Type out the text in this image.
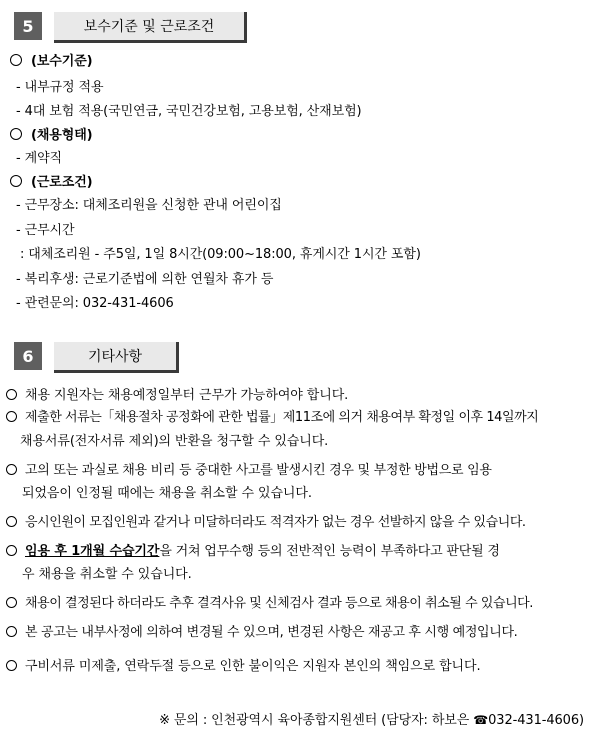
5	보수기준 및 근로조건
(보수기준)
- 내부규정 적용
- 4대 보험 적용(국민연금, 국민건강보험, 고용보험, 산재보험)
(채용형태)
- 계약직
(근로조건)
- 근무장소: 대체조리원을 신청한 관내 어린이집
- 근무시간
: 대체조리원 - 주5일, 1일 8시간(09:00~18:00, 휴게시간 1시간 포함)
- 복리후생: 근로기준법에 의한 연월차 휴가 등
- 관련문의: 032-431-4606
6	기타사항
채용 지원자는 채용예정일부터 근무가 가능하여야 합니다.
제출한 서류는「채용절차 공정화에 관한 법률」제11조에 의거 채용여부 확정일 이후 14일까지
채용서류(전자서류 제외)의 반환을 청구할 수 있습니다.
고의 또는 과실로 채용 비리 등 중대한 사고를 발생시킨 경우 및 부정한 방법으로 임용
되었음이 인정될 때에는 채용을 취소할 수 있습니다.
응시인원이 모집인원과 같거나 미달하더라도 적격자가 없는 경우 선발하지 않을 수 있습니다.
임용 후 1개월 수습기간을 거쳐 업무수행 등의 전반적인 능력이 부족하다고 판단될 경
우 채용을 취소할 수 있습니다.
채용이 결정된다 하더라도 추후 결격사유 및 신체검사 결과 등으로 채용이 취소될 수 있습니다.
본 공고는 내부사정에 의하여 변경될 수 있으며, 변경된 사항은 재공고 후 시행 예정입니다.
구비서류 미제출, 연락두절 등으로 인한 불이익은 지원자 본인의 책임으로 합니다.
※ 문의 : 인천광역시 육아종합지원센터 (담당자: 하보은 ☎032-431-4606)
